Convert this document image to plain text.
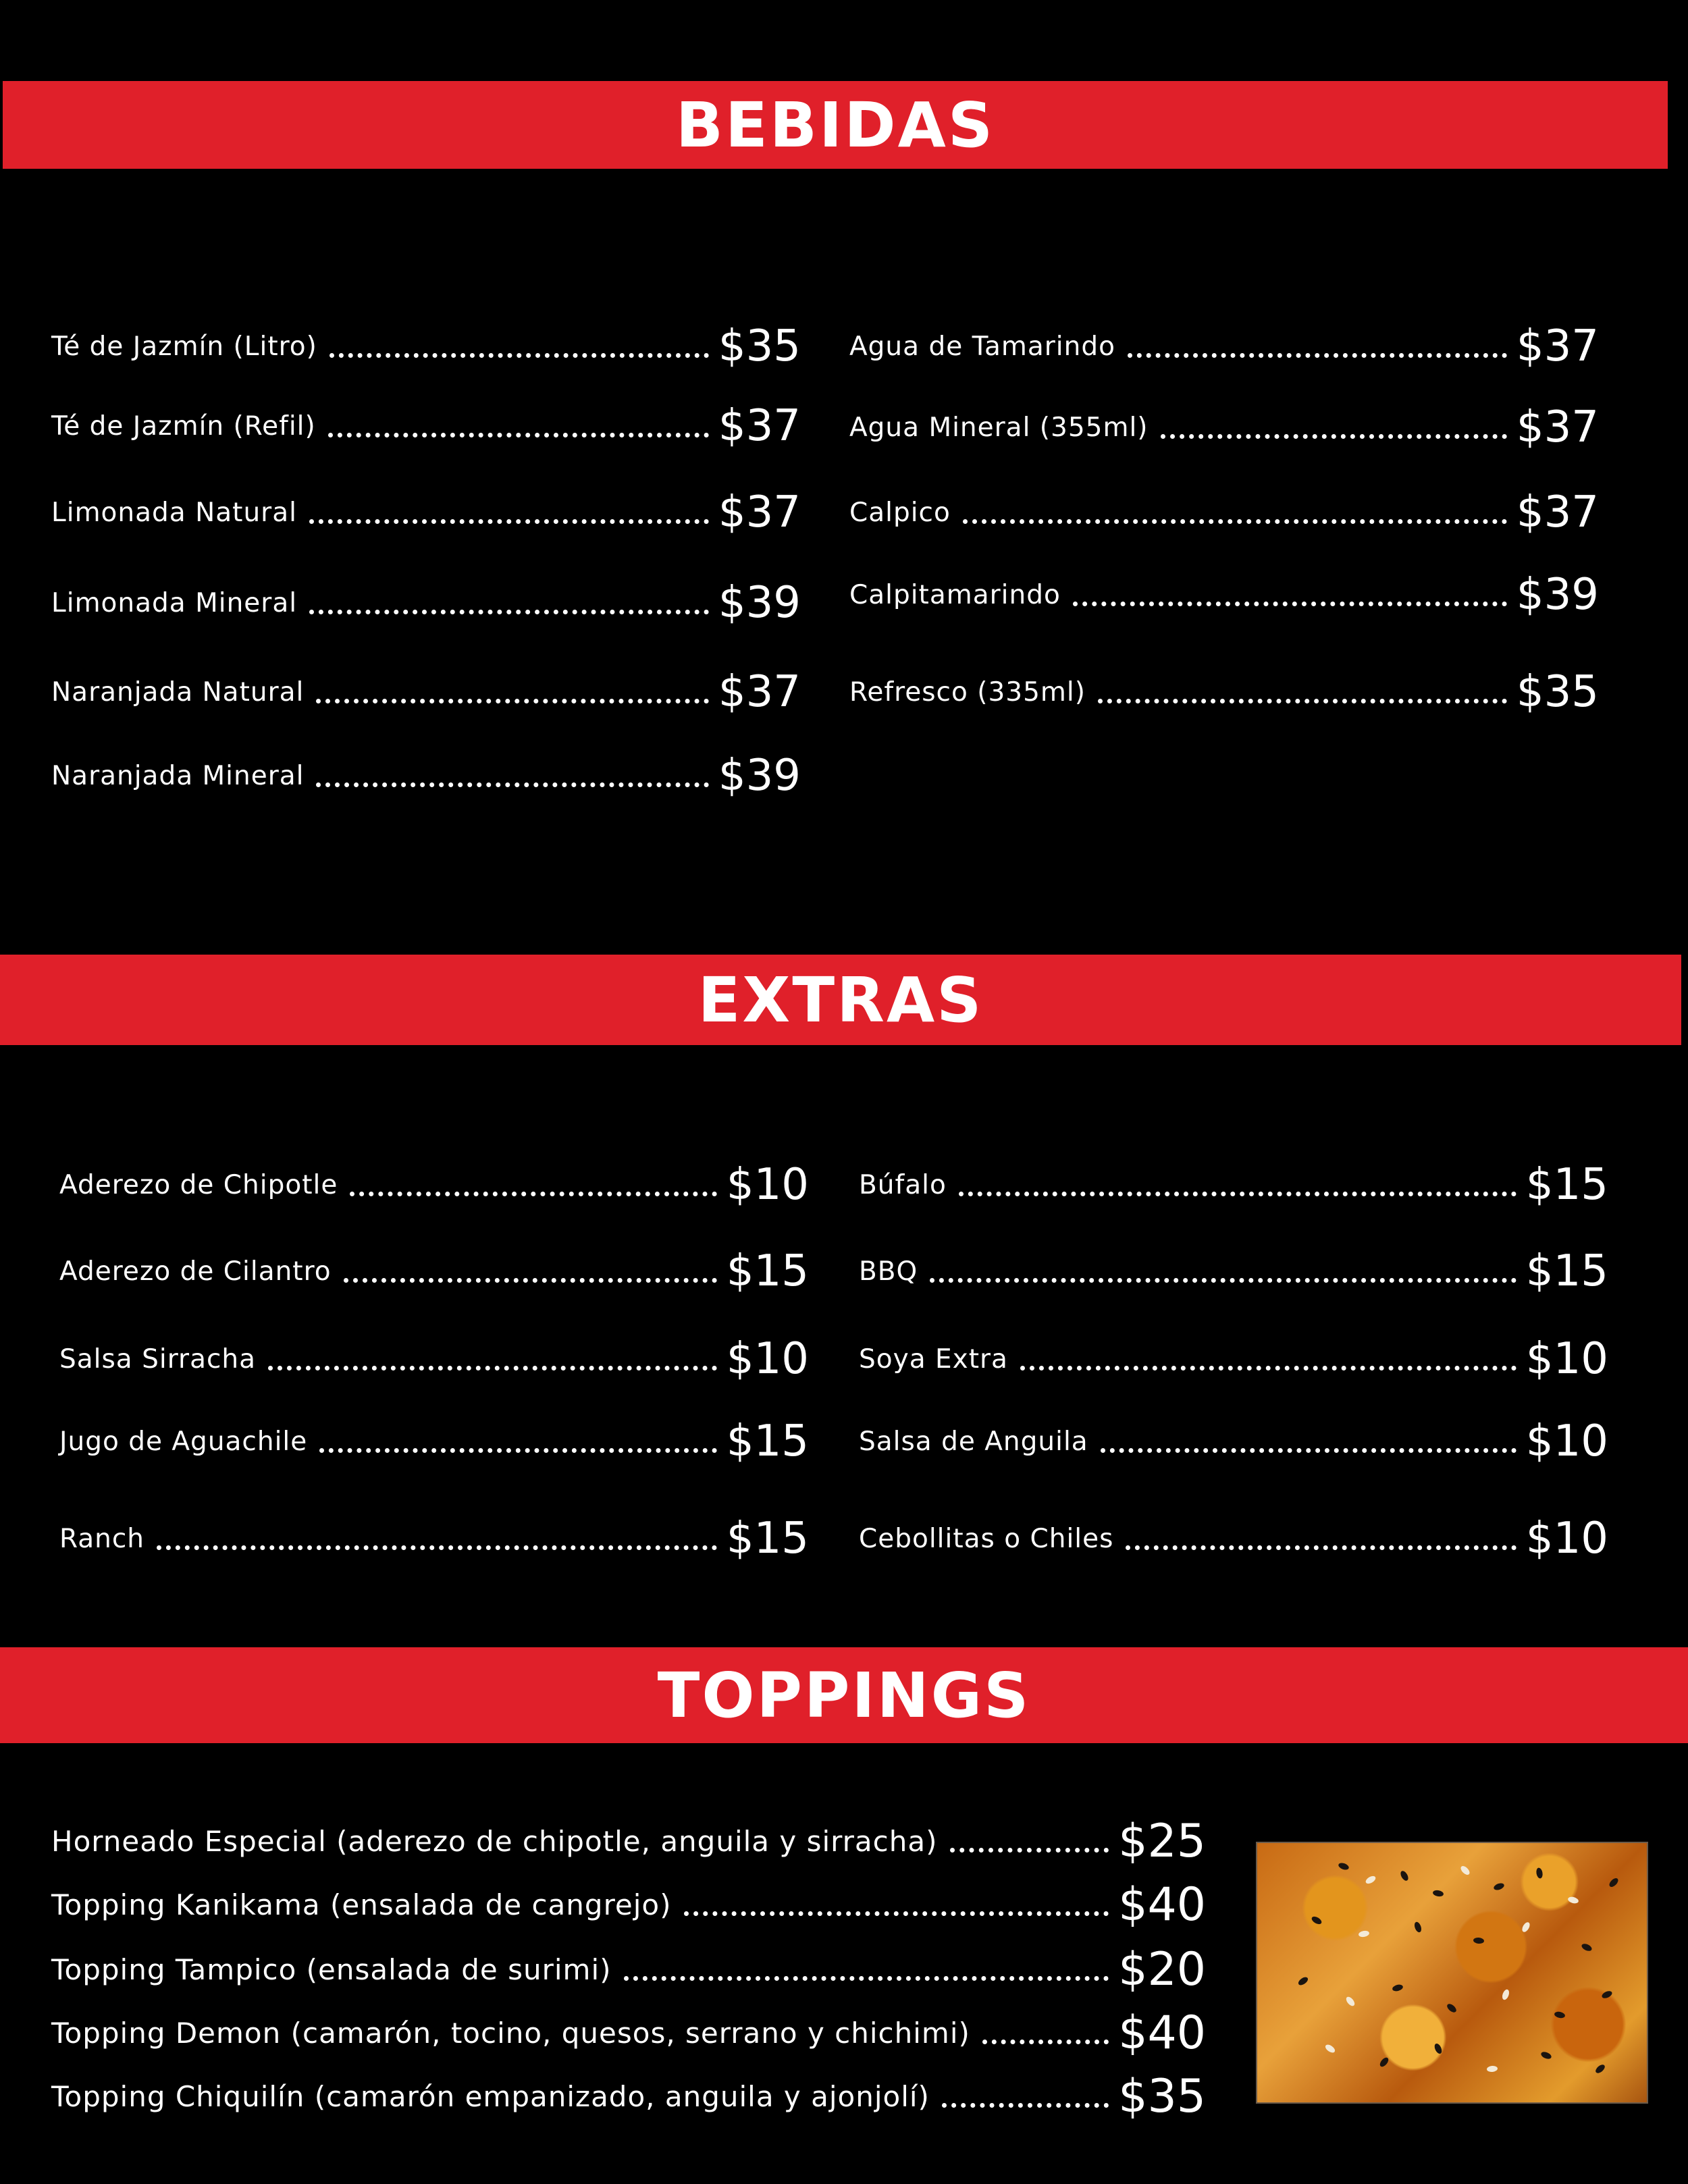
BEBIDAS
Té de Jazmín (Litro)	$35
Té de Jazmín (Refil)	$37
Limonada Natural	$37
Limonada Mineral	$39
Naranjada Natural	$37
Naranjada Mineral	$39
Agua de Tamarindo	$37
Agua Mineral (355ml)	$37
Calpico	$37
Calpitamarindo	$39
Refresco (335ml)	$35
EXTRAS
Aderezo de Chipotle	$10
Aderezo de Cilantro	$15
Salsa Sirracha	$10
Jugo de Aguachile	$15
Ranch	$15
Búfalo	$15
BBQ	$15
Soya Extra	$10
Salsa de Anguila	$10
Cebollitas o Chiles	$10
TOPPINGS
Horneado Especial (aderezo de chipotle, anguila y sirracha)	$25
Topping Kanikama (ensalada de cangrejo)	$40
Topping Tampico (ensalada de surimi)	$20
Topping Demon (camarón, tocino, quesos, serrano y chichimi)	$40
Topping Chiquilín (camarón empanizado, anguila y ajonjolí)	$35
